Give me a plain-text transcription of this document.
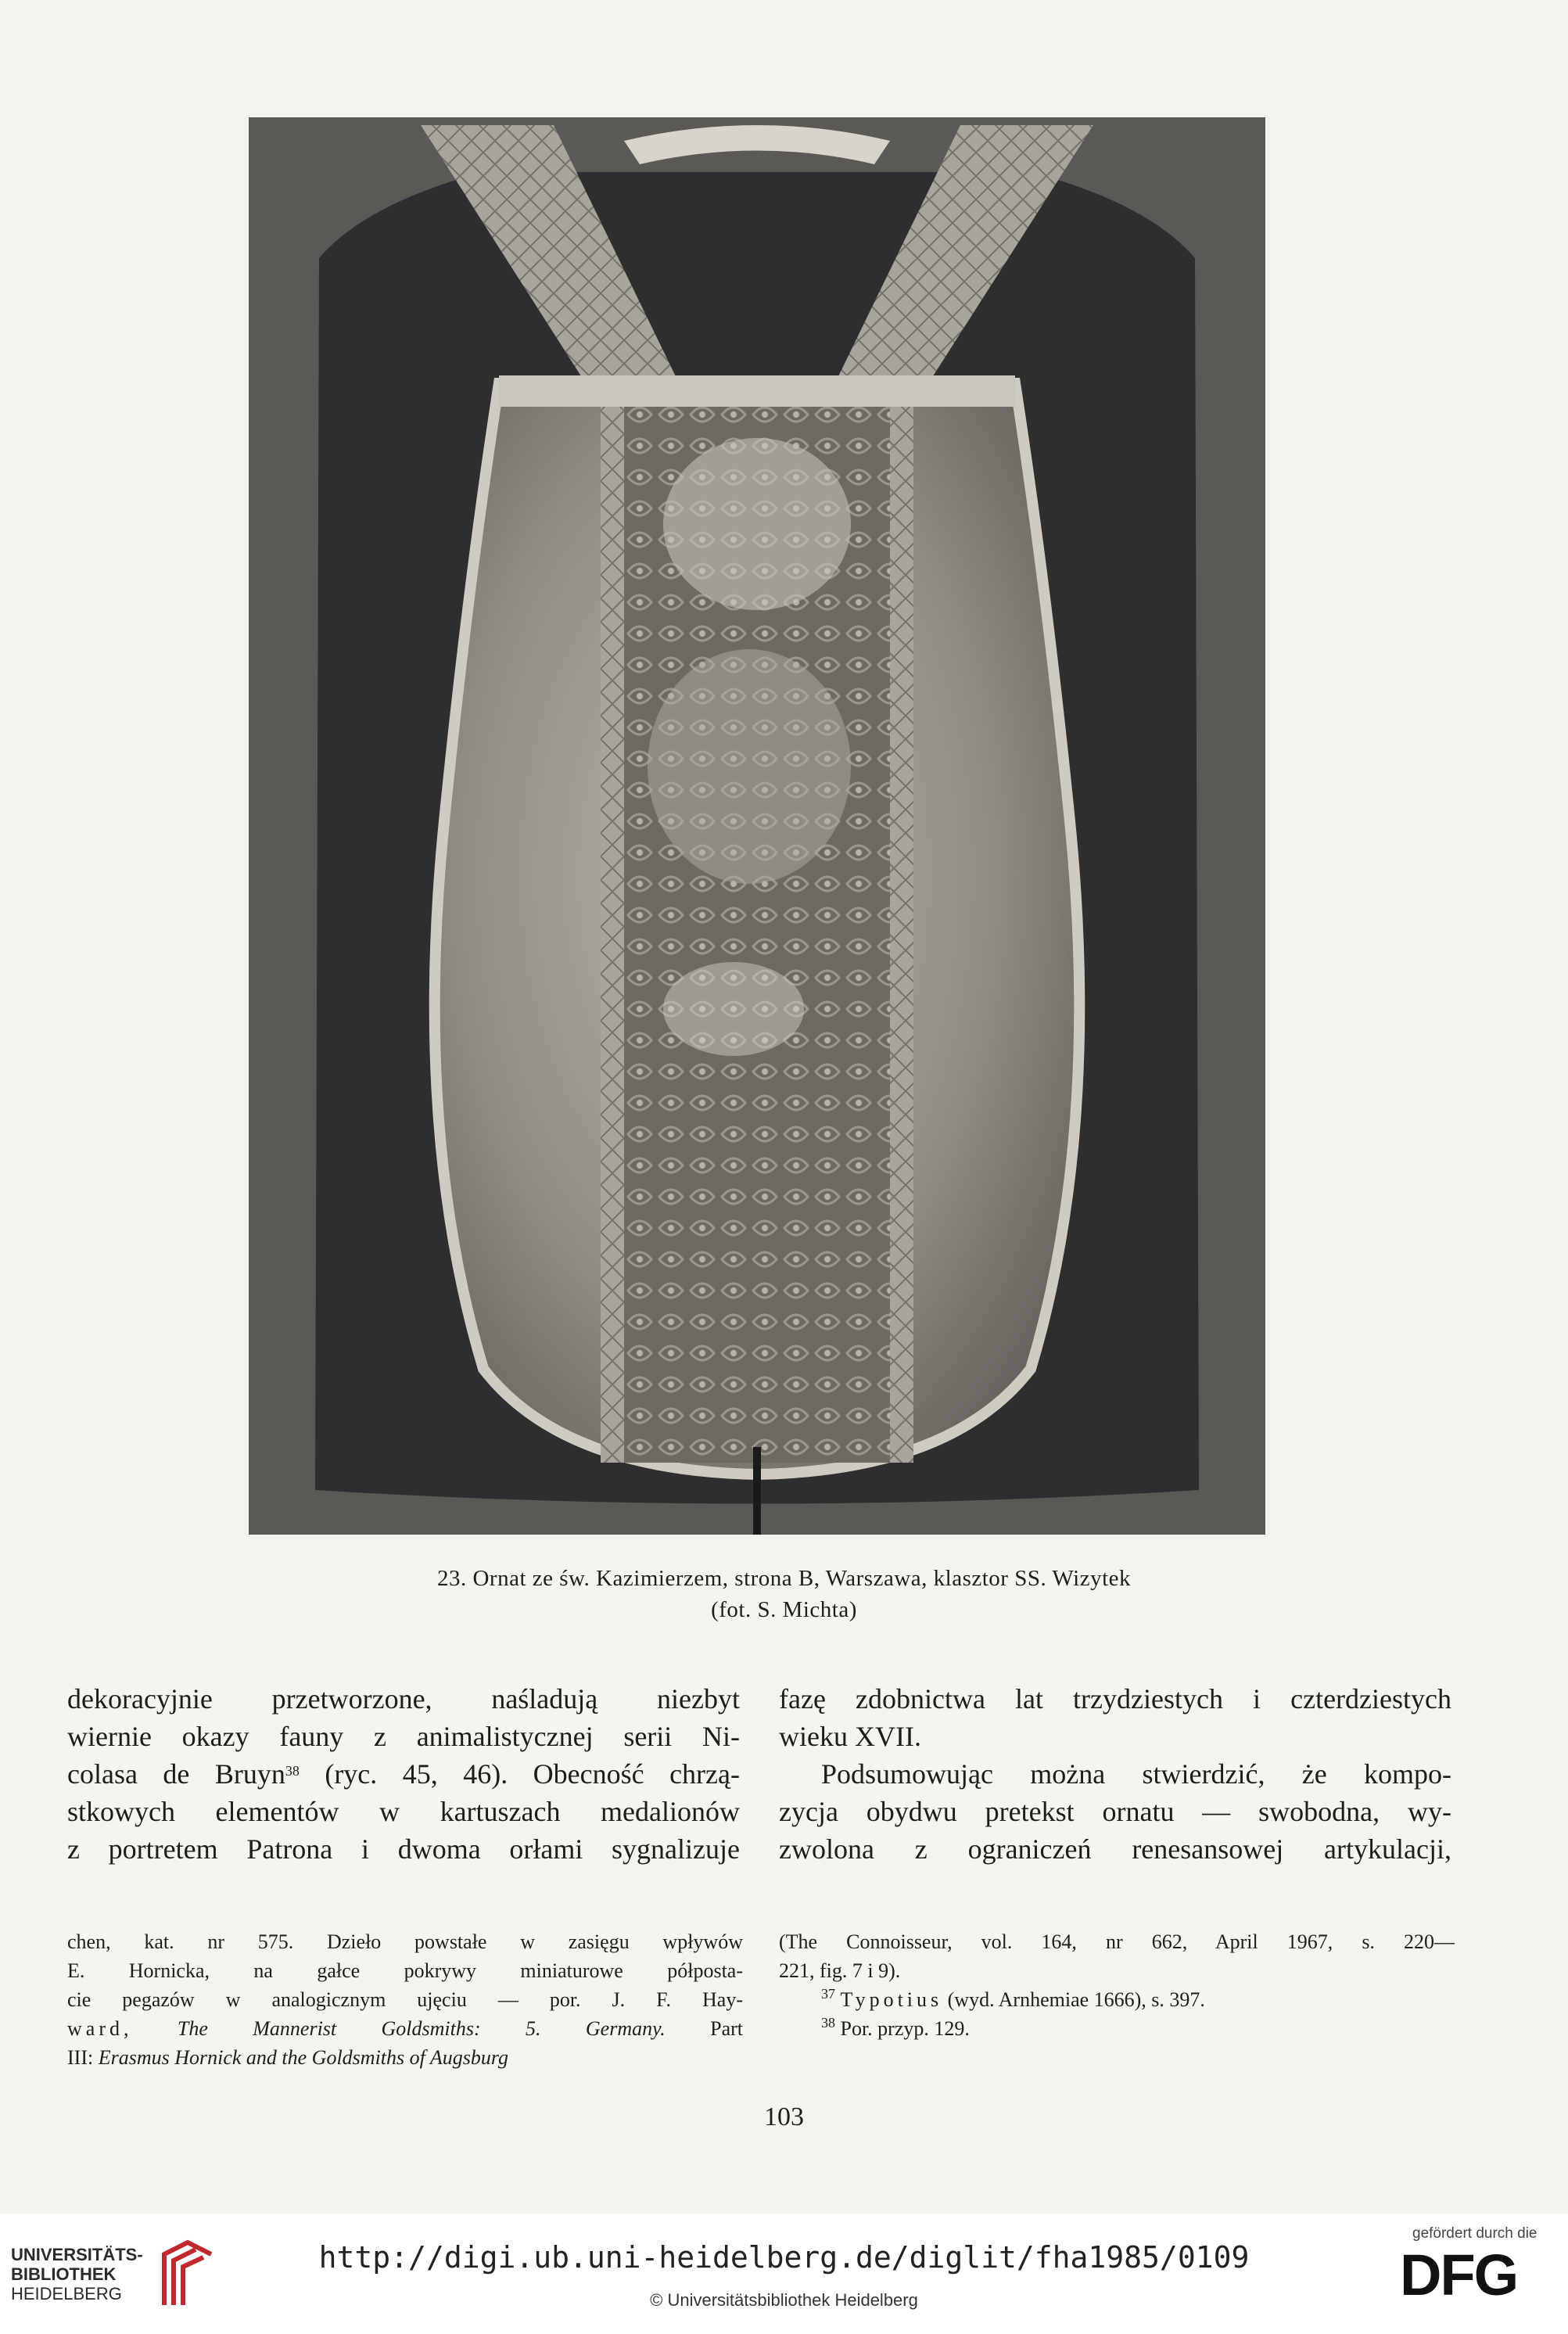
23. Ornat ze św. Kazimierzem, strona B, Warszawa, klasztor SS. Wizytek
(fot. S. Michta)

dekoracyjnie przetworzone, naśladują niezbyt

wiernie okazy fauny z animalistycznej serii Ni-

colasa de Bruyn$^{38}$ (ryc. 45, 46). Obecność chrzą-

stkowych elementów w kartuszach medalionów

z portretem Patrona i dwoma orłami sygnalizuje

fazę zdobnictwa lat trzydziestych i czterdziestych

wieku XVII.

Podsumowując można stwierdzić, że kompo-

zycja obydwu pretekst ornatu — swobodna, wy-

zwolona z ograniczeń renesansowej artykulacji,

chen, kat. nr 575. Dzieło powstałe w zasięgu wpływów

E. Hornicka, na gałce pokrywy miniaturowe półposta-

cie pegazów w analogicznym ujęciu — por. J. F. Hay-

ward, The Mannerist Goldsmiths: 5. Germany. Part

III: Erasmus Hornick and the Goldsmiths of Augsburg

(The Connoisseur, vol. 164, nr 662, April 1967, s. 220—

221, fig. 7 i 9).

$^{37}$ Typotius (wyd. Arnhemiae 1666), s. 397.

$^{38}$ Por. przyp. 129.

103
UNIVERSITÄTS-
BIBLIOTHEK
HEIDELBERG
http://digi.ub.uni-heidelberg.de/diglit/fha1985/0109
© Universitätsbibliothek Heidelberg
gefördert durch die
DFG
